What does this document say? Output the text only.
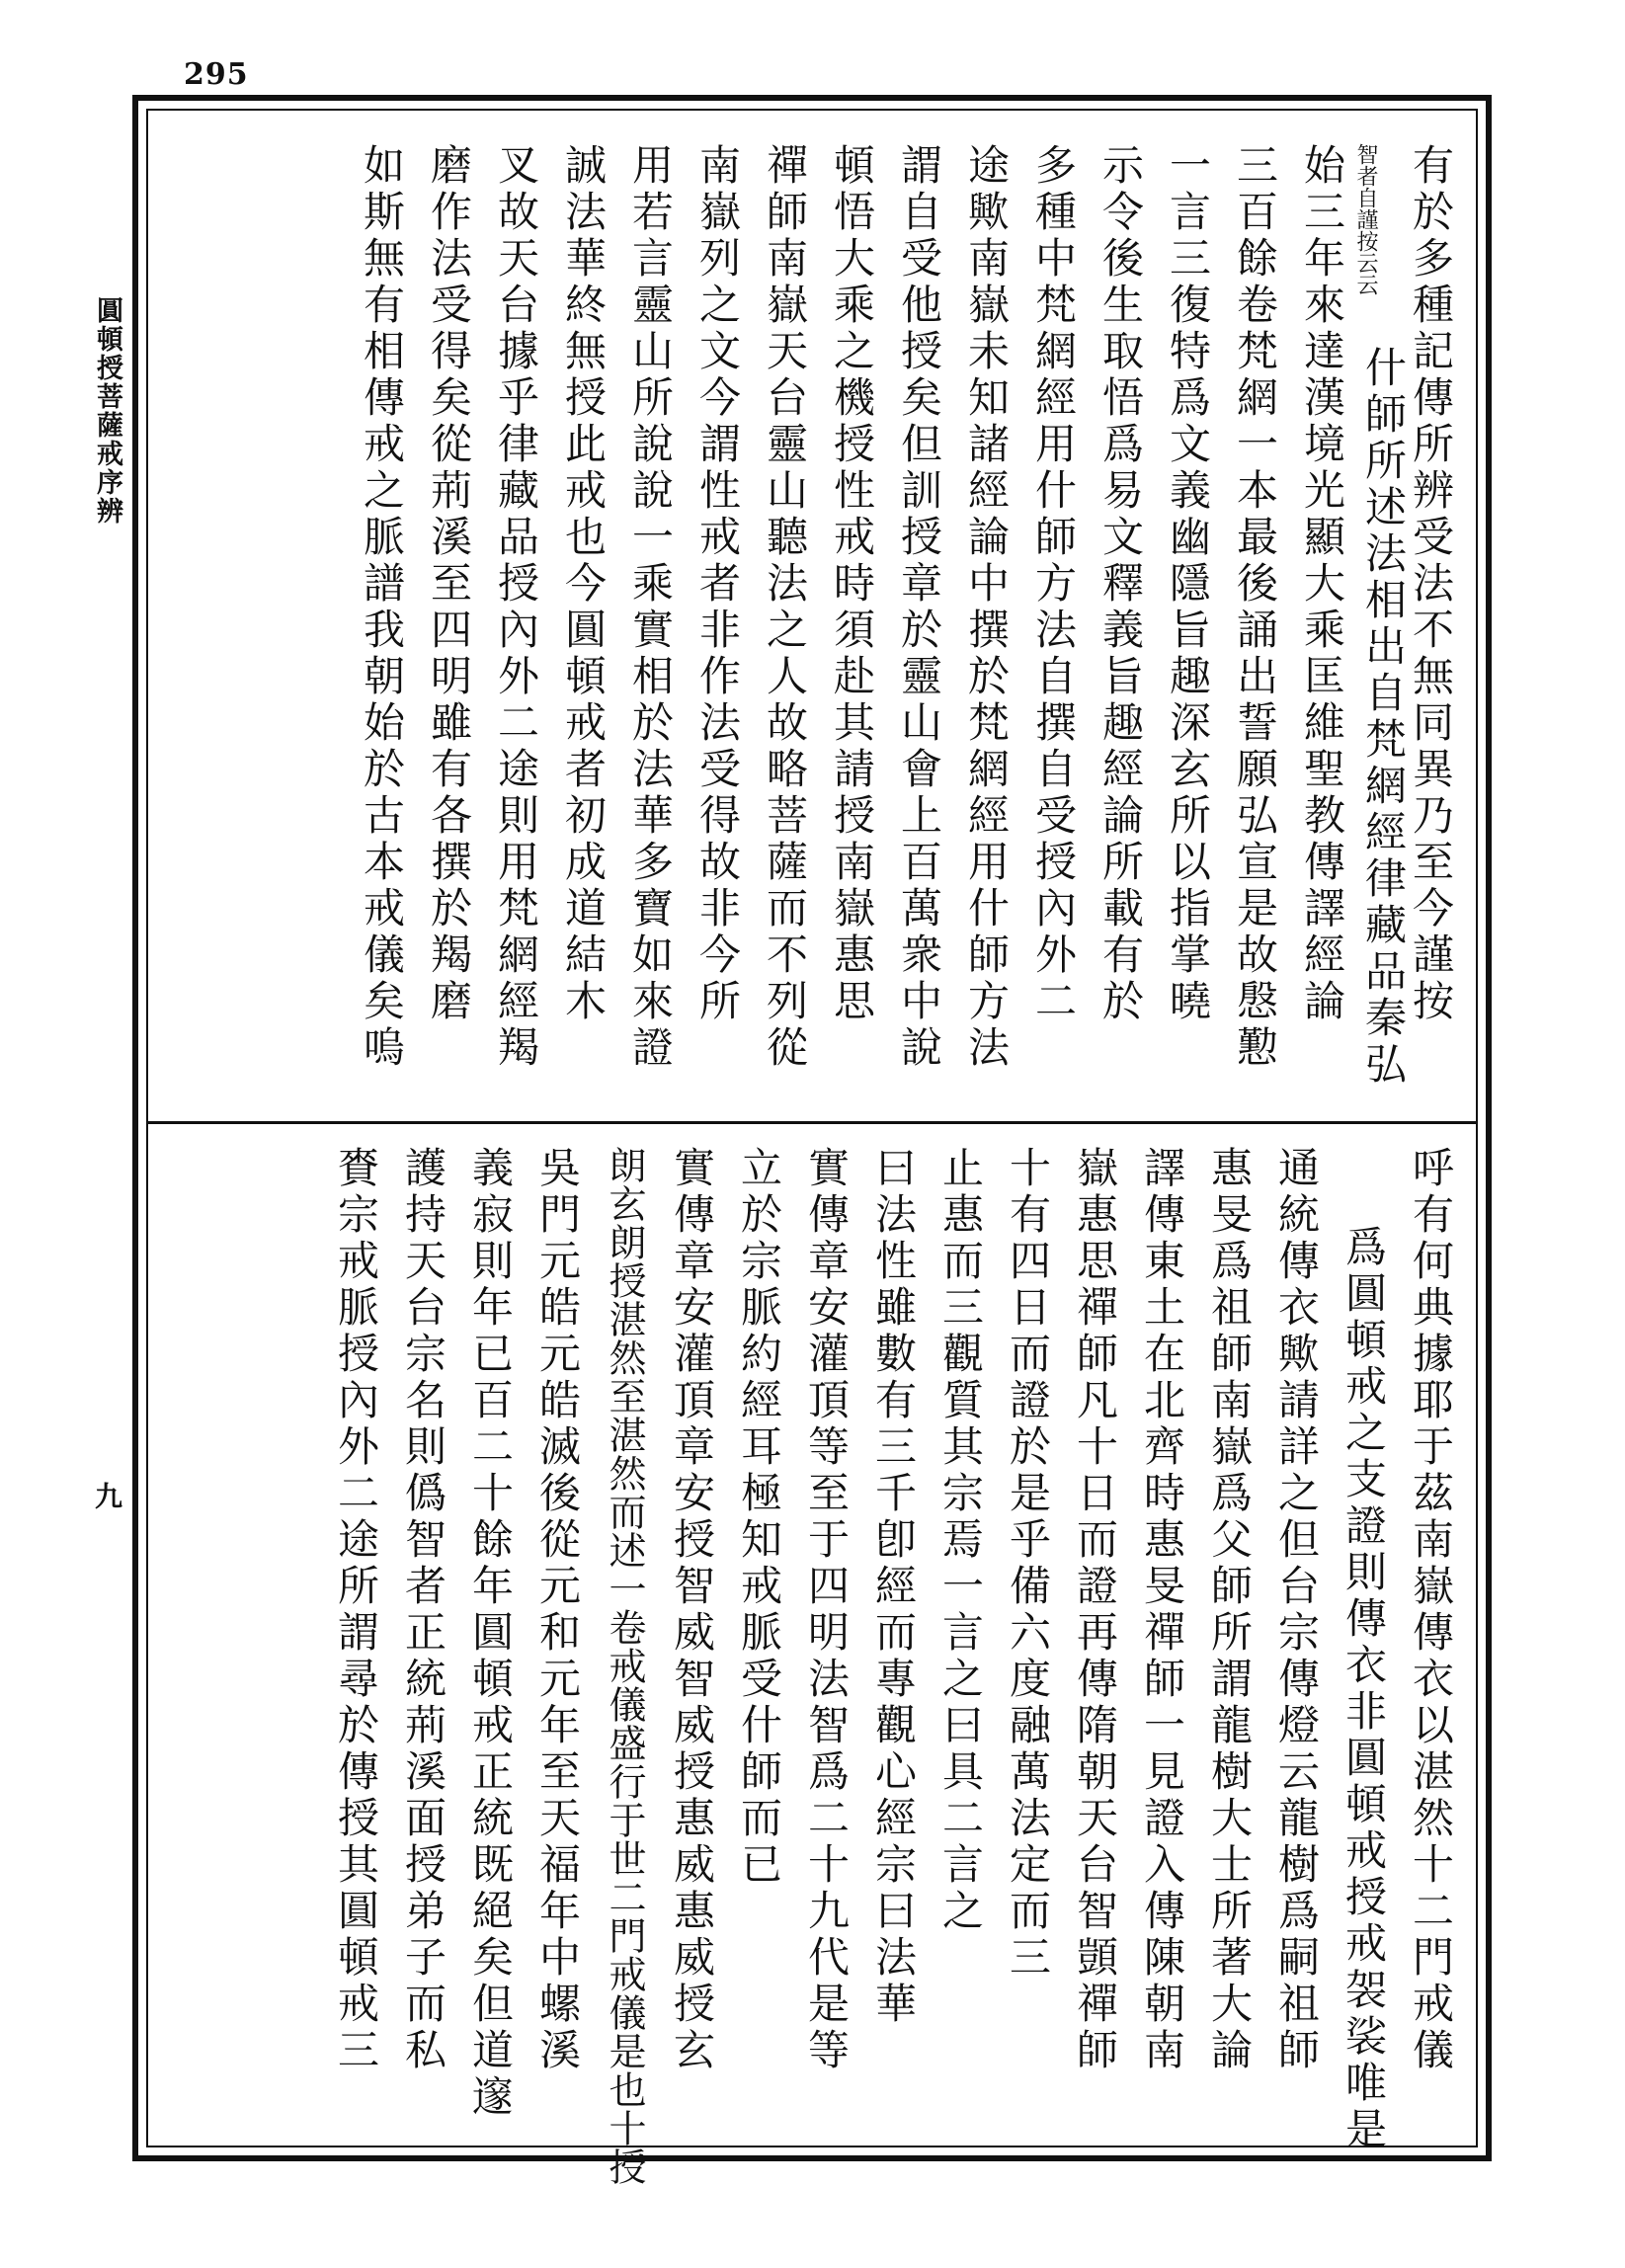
295
圓頓授菩薩戒序辨
九
有於多種記傳所辨受法不無同異乃至今謹按
智者自謹按云云
什師所述法相出自梵網經律藏品秦弘
始三年來達漢境光顯大乘匡維聖教傳譯經論
三百餘卷梵網一本最後誦出誓願弘宣是故慇懃
一言三復特爲文義幽隱旨趣深玄所以指掌曉
示令後生取悟爲易文釋義旨趣經論所載有於
多種中梵網經用什師方法自撰自受授內外二
途歟南嶽未知諸經論中撰於梵網經用什師方法
謂自受他授矣但訓授章於靈山會上百萬衆中說
頓悟大乘之機授性戒時須赴其請授南嶽惠思
禪師南嶽天台靈山聽法之人故略菩薩而不列從
南嶽列之文今謂性戒者非作法受得故非今所
用若言靈山所說說一乘實相於法華多寶如來證
誠法華終無授此戒也今圓頓戒者初成道結木
叉故天台據乎律藏品授內外二途則用梵網經羯
磨作法受得矣從荊溪至四明雖有各撰於羯磨
如斯無有相傳戒之脈譜我朝始於古本戒儀矣嗚
呼有何典據耶于茲南嶽傳衣以湛然十二門戒儀
爲圓頓戒之支證則傳衣非圓頓戒授戒袈裟唯是
通統傳衣歟請詳之但台宗傳燈云龍樹爲嗣祖師
惠旻爲祖師南嶽爲父師所謂龍樹大士所著大論
譯傳東土在北齊時惠旻禪師一見證入傳陳朝南
嶽惠思禪師凡十日而證再傳隋朝天台智顗禪師
十有四日而證於是乎備六度融萬法定而三
止惠而三觀質其宗焉一言之曰具二言之
曰法性雖數有三千卽經而專觀心經宗曰法華
實傳章安灌頂等至于四明法智爲二十九代是等
立於宗脈約經耳極知戒脈受什師而已
實傳章安灌頂章安授智威智威授惠威惠威授玄
朗玄朗授湛然至湛然而述一卷戒儀盛行于世二門戒儀是也十授
吳門元皓元皓滅後從元和元年至天福年中螺溪
義寂則年已百二十餘年圓頓戒正統既絕矣但道邃
護持天台宗名則僞智者正統荊溪面授弟子而私
賚宗戒脈授內外二途所謂尋於傳授其圓頓戒三
